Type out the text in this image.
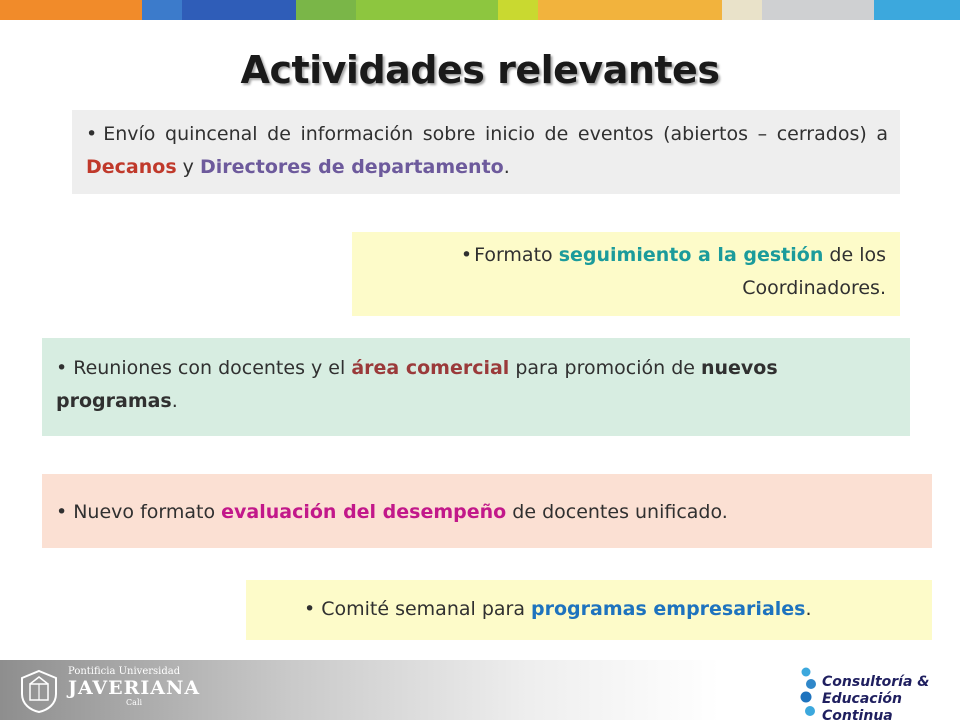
Actividades relevantes

• Envío quincenal de información sobre inicio de eventos (abiertos – cerrados) a Decanos y Directores de departamento.

• Formato seguimiento a la gestión de los Coordinadores.

• Reuniones con docentes y el área comercial para promoción de nuevos programas.

• Nuevo formato evaluación del desempeño de docentes unificado.

• Comité semanal para programas empresariales.

Pontificia Universidad
JAVERIANA
Cali
Consultoría &
Educación Continua
